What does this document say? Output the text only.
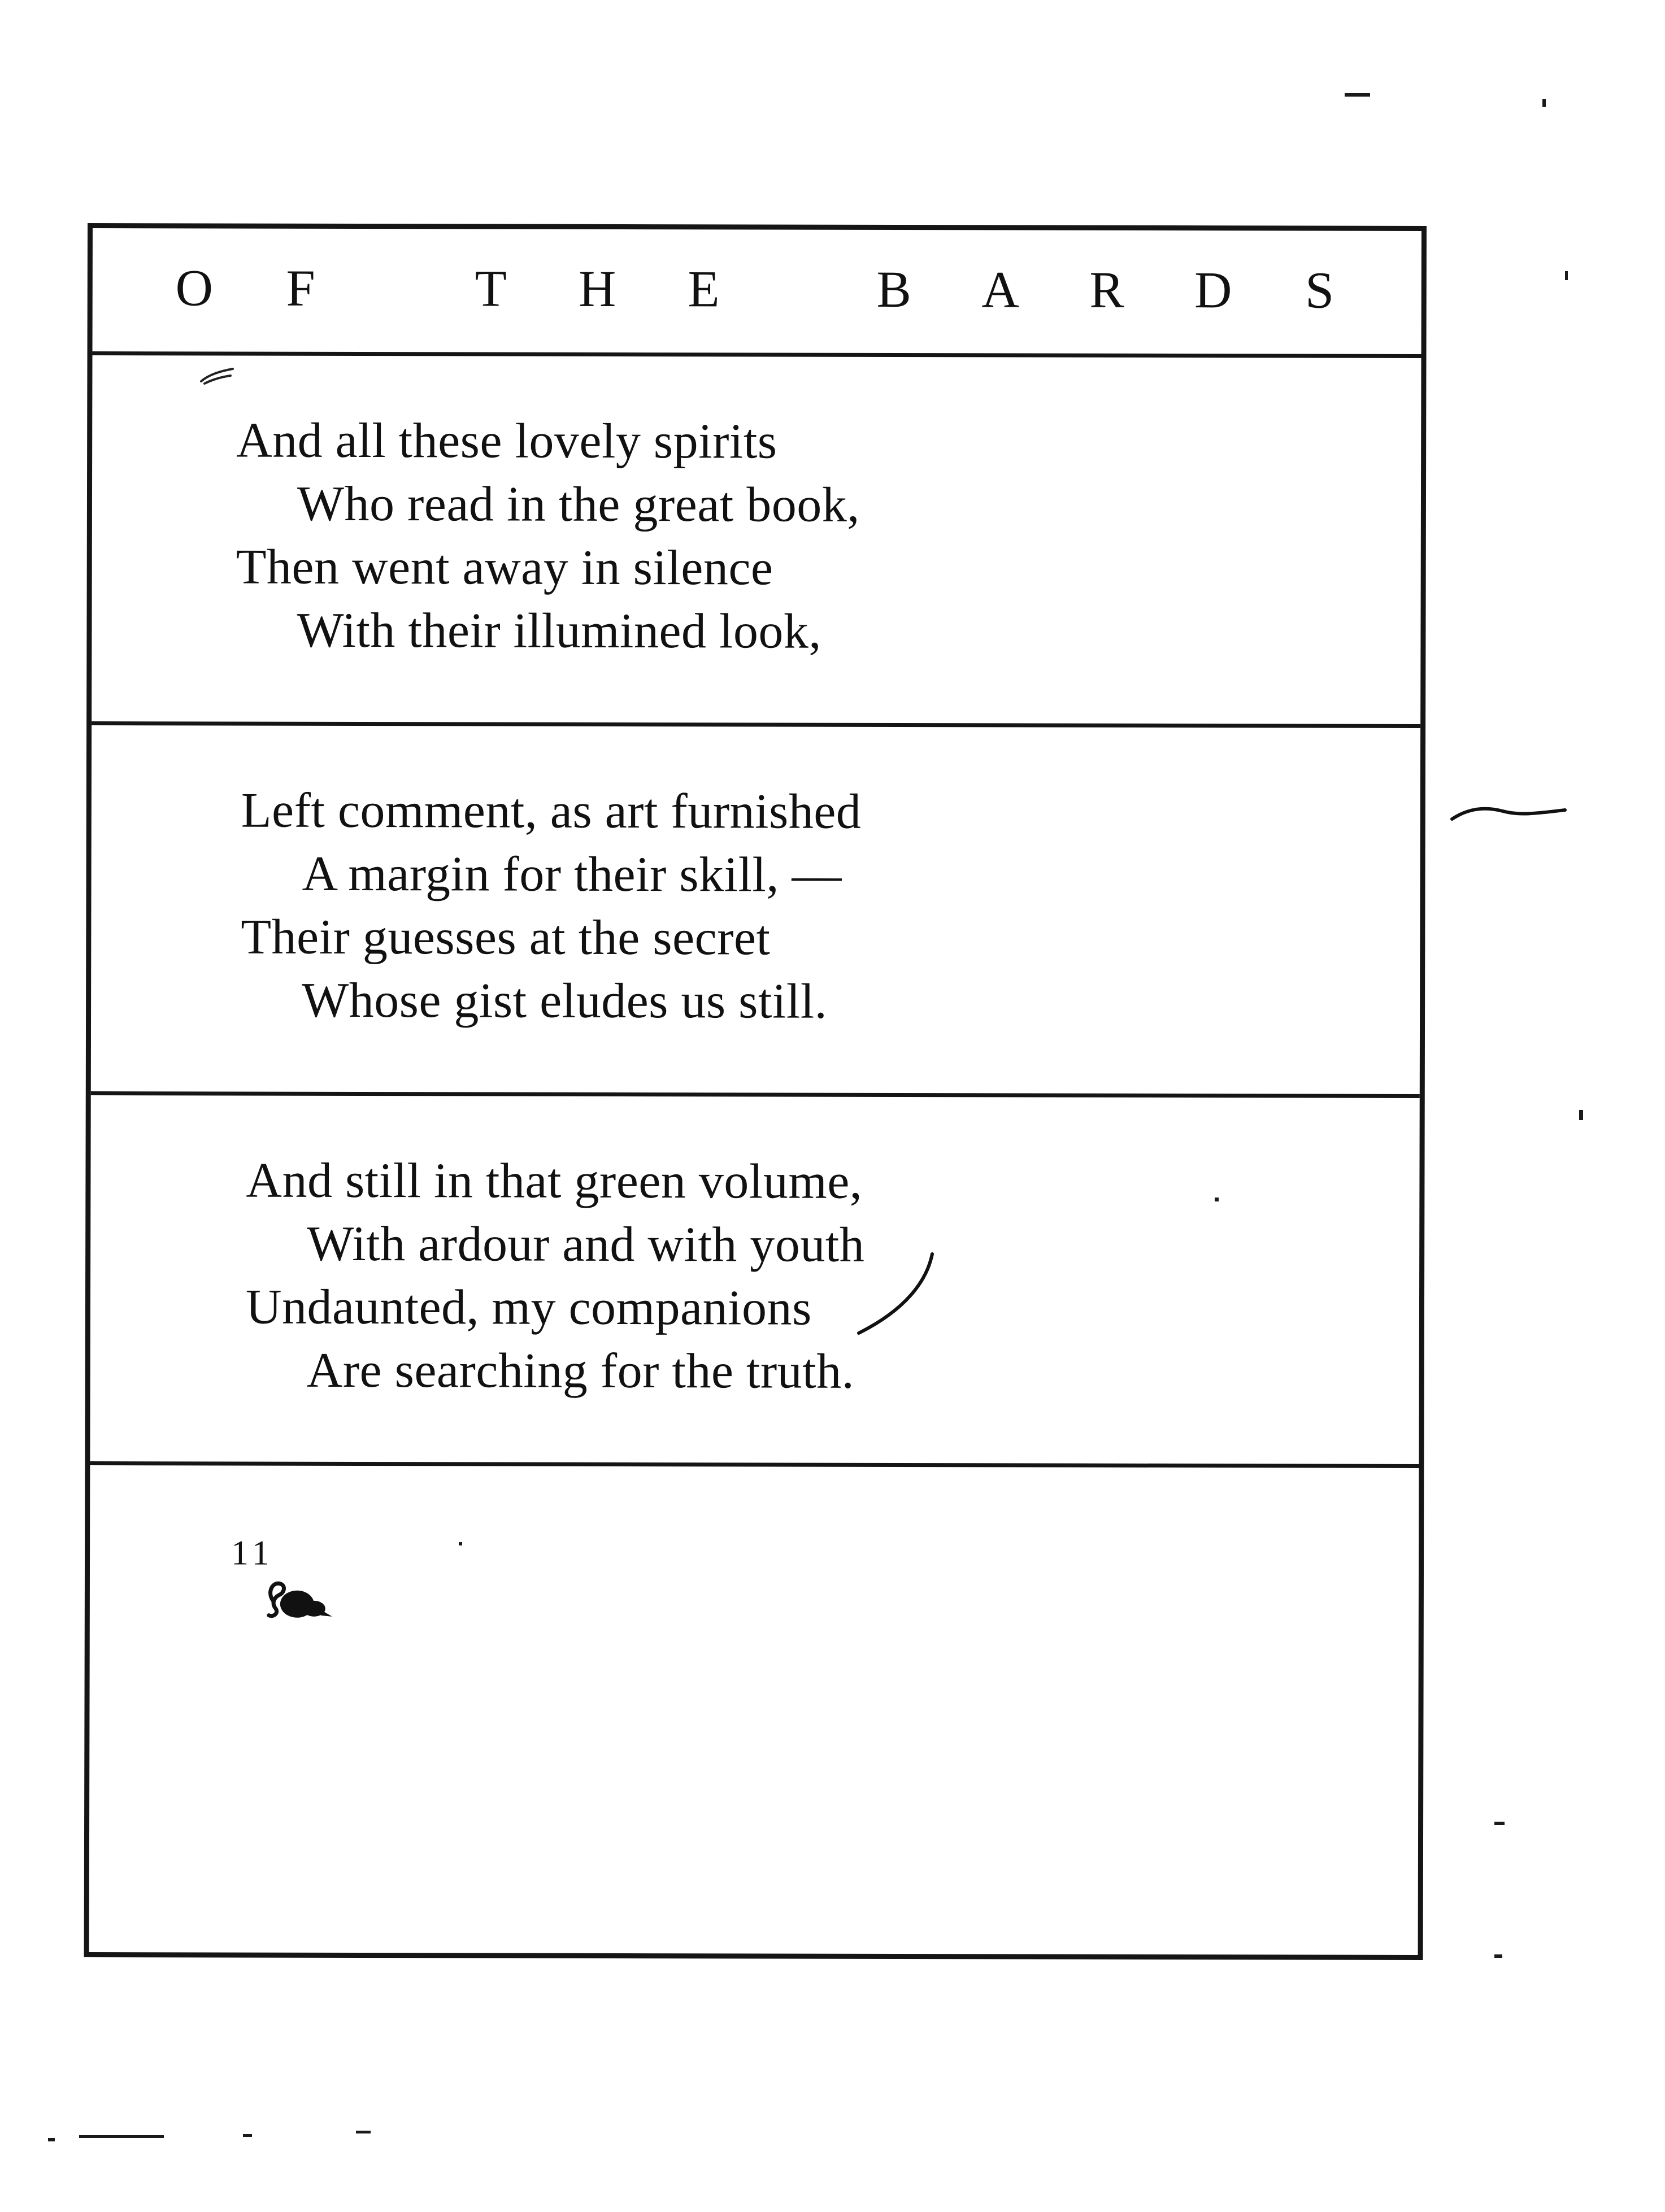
O F	T H E	B A R D S

And all these lovely spirits
Who read in the great book,
Then went away in silence
With their illumined look,

Left comment, as art furnished
A margin for their skill, —
Their guesses at the secret
Whose gist eludes us still.

And still in that green volume,
With ardour and with youth
Undaunted, my companions
Are searching for the truth.

11
